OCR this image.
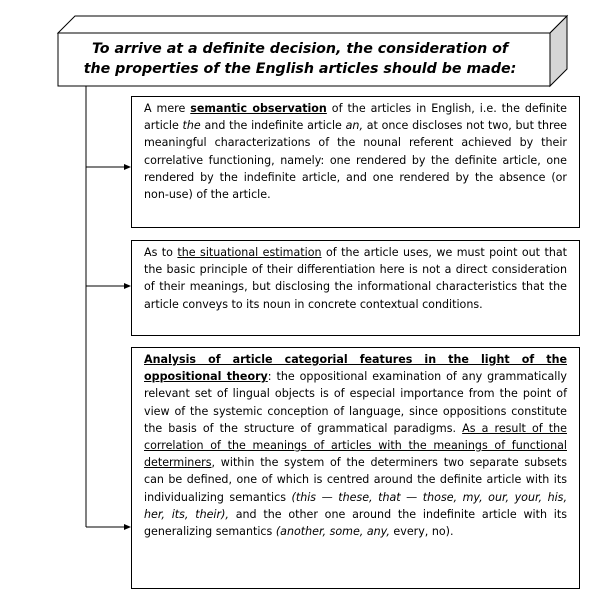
To arrive at a definite decision, the consideration of
the properties of the English articles should be made:
A mere semantic observation of the articles in English, i.e. the definite article the and the indefinite article an, at once discloses not two, but three meaningful characterizations of the nounal referent achieved by their correlative functioning, namely: one rendered by the definite article, one rendered by the indefinite article, and one rendered by the absence (or non-use) of the article.
As to the situational estimation of the article uses, we must point out that the basic principle of their differentiation here is not a direct consideration of their meanings, but disclosing the informational characteristics that the article conveys to its noun in concrete contextual conditions.
Analysis of article categorial features in the light of the oppositional theory: the oppositional examination of any grammatically relevant set of lingual objects is of especial importance from the point of view of the systemic conception of language, since oppositions constitute the basis of the structure of grammatical paradigms. As a result of the correlation of the meanings of articles with the meanings of functional determiners, within the system of the determiners two separate subsets can be defined, one of which is centred around the definite article with its individualizing semantics (this — these, that — those, my, our, your, his, her, its, their), and the other one around the indefinite article with its generalizing semantics (another, some, any, every, no).
